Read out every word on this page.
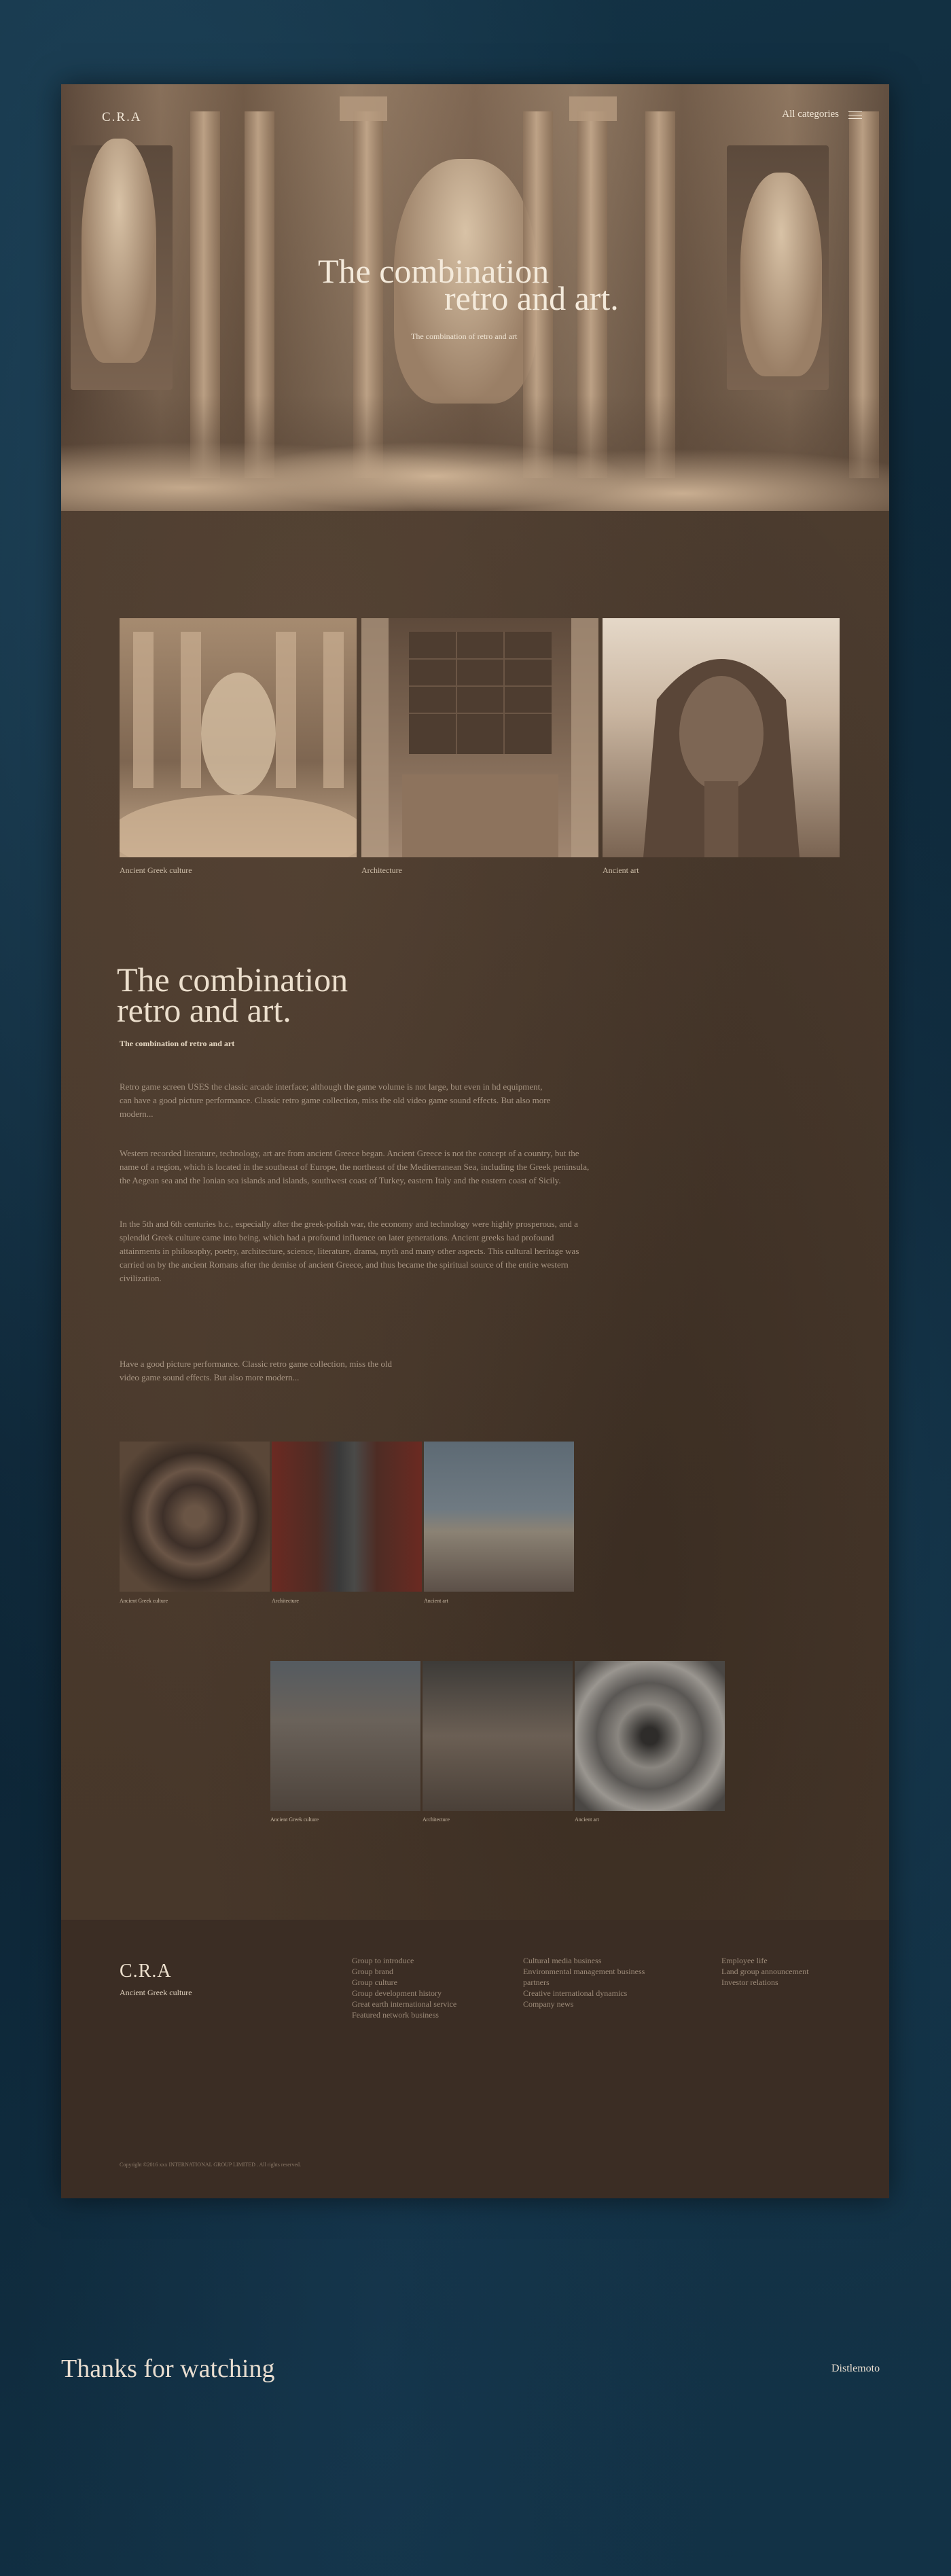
C.R.A	All categories
The combination
retro and art.
The combination of retro and art
Ancient Greek culture	Architecture	Ancient art
The combination
retro and art.
The combination of retro and art

Retro game screen USES the classic arcade interface; although the game volume is not large, but even in hd equipment, can have a good picture performance. Classic retro game collection, miss the old video game sound effects. But also more modern...

Western recorded literature, technology, art are from ancient Greece began. Ancient Greece is not the concept of a country, but the name of a region, which is located in the southeast of Europe, the northeast of the Mediterranean Sea, including the Greek peninsula, the Aegean sea and the Ionian sea islands and islands, southwest coast of Turkey, eastern Italy and the eastern coast of Sicily.

In the 5th and 6th centuries b.c., especially after the greek-polish war, the economy and technology were highly prosperous, and a splendid Greek culture came into being, which had a profound influence on later generations. Ancient greeks had profound attainments in philosophy, poetry, architecture, science, literature, drama, myth and many other aspects. This cultural heritage was carried on by the ancient Romans after the demise of ancient Greece, and thus became the spiritual source of the entire western civilization.

Have a good picture performance. Classic retro game collection, miss the old video game sound effects. But also more modern...

Ancient Greek culture	Architecture	Ancient art
Ancient Greek culture	Architecture	Ancient art
C.R.A
Ancient Greek culture
Group to introduce
Group brand
Group culture
Group development history
Great earth international service
Featured network business
Cultural media business
Environmental management business
partners
Creative international dynamics
Company news
Employee life
Land group announcement
Investor relations
Copyright ©2016 xxx INTERNATIONAL GROUP LIMITED . All rights reserved.
Thanks for watching	Distlemoto
